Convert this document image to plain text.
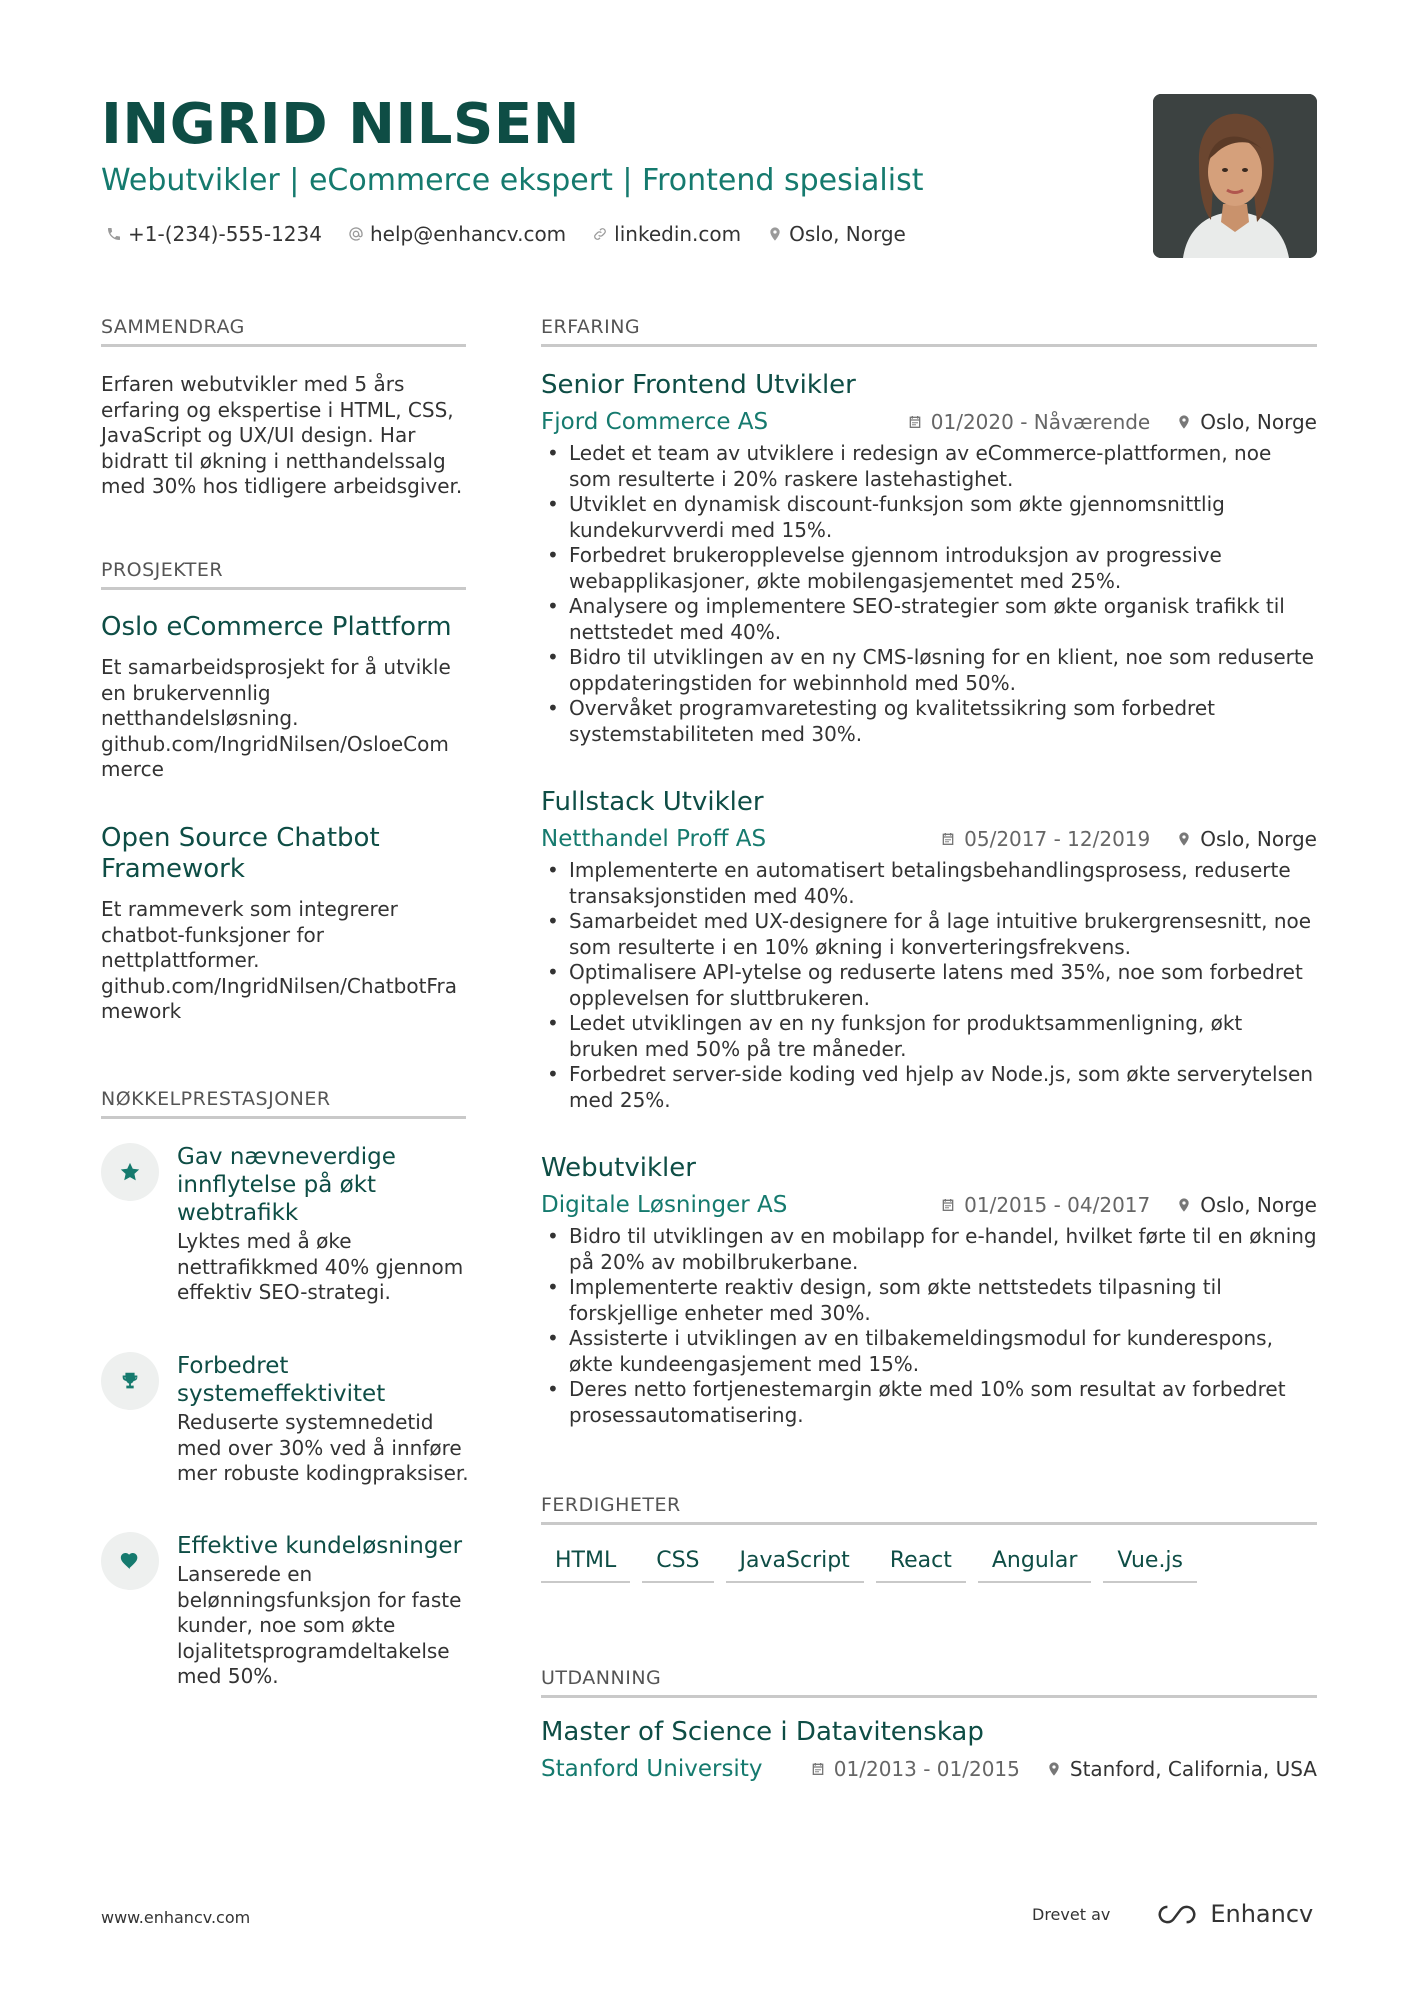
INGRID NILSEN
Webutvikler | eCommerce ekspert | Frontend spesialist
+1-(234)-555-1234 help@enhancv.com linkedin.com Oslo, Norge
SAMMENDRAG
Erfaren webutvikler med 5 års erfaring og ekspertise i HTML, CSS, JavaScript og UX/UI design. Har bidratt til økning i netthandelssalg med 30% hos tidligere arbeidsgiver.
PROSJEKTER
Oslo eCommerce Plattform
Et samarbeidsprosjekt for å utvikle en brukervennlig netthandelsløsning.
github.com/IngridNilsen/OsloeCommerce
Open Source Chatbot Framework
Et rammeverk som integrerer chatbot-funksjoner for nettplattformer.
github.com/IngridNilsen/ChatbotFramework
NØKKELPRESTASJONER
Gav nævneverdige innflytelse på økt webtrafikk
Lyktes med å øke nettrafikkmed 40% gjennom effektiv SEO-strategi.
Forbedret systemeffektivitet
Reduserte systemnedetid med over 30% ved å innføre mer robuste kodingpraksiser.
Effektive kundeløsninger
Lanserede en belønningsfunksjon for faste kunder, noe som økte lojalitetsprogramdeltakelse med 50%.
ERFARING
Senior Frontend Utvikler
Fjord Commerce AS	01/2020 - Nåværende	Oslo, Norge
• Ledet et team av utviklere i redesign av eCommerce-plattformen, noe som resulterte i 20% raskere lastehastighet.
• Utviklet en dynamisk discount-funksjon som økte gjennomsnittlig kundekurvverdi med 15%.
• Forbedret brukeropplevelse gjennom introduksjon av progressive webapplikasjoner, økte mobilengasjementet med 25%.
• Analysere og implementere SEO-strategier som økte organisk trafikk til nettstedet med 40%.
• Bidro til utviklingen av en ny CMS-løsning for en klient, noe som reduserte oppdateringstiden for webinnhold med 50%.
• Overvåket programvaretesting og kvalitetssikring som forbedret systemstabiliteten med 30%.
Fullstack Utvikler
Netthandel Proff AS	05/2017 - 12/2019	Oslo, Norge
• Implementerte en automatisert betalingsbehandlingsprosess, reduserte transaksjonstiden med 40%.
• Samarbeidet med UX-designere for å lage intuitive brukergrensesnitt, noe som resulterte i en 10% økning i konverteringsfrekvens.
• Optimalisere API-ytelse og reduserte latens med 35%, noe som forbedret opplevelsen for sluttbrukeren.
• Ledet utviklingen av en ny funksjon for produktsammenligning, økt bruken med 50% på tre måneder.
• Forbedret server-side koding ved hjelp av Node.js, som økte serverytelsen med 25%.
Webutvikler
Digitale Løsninger AS	01/2015 - 04/2017	Oslo, Norge
• Bidro til utviklingen av en mobilapp for e-handel, hvilket førte til en økning på 20% av mobilbrukerbane.
• Implementerte reaktiv design, som økte nettstedets tilpasning til forskjellige enheter med 30%.
• Assisterte i utviklingen av en tilbakemeldingsmodul for kunderespons, økte kundeengasjement med 15%.
• Deres netto fortjenestemargin økte med 10% som resultat av forbedret prosessautomatisering.
FERDIGHETER
HTML	CSS	JavaScript	React	Angular	Vue.js
UTDANNING
Master of Science i Datavitenskap
Stanford University	01/2013 - 01/2015	Stanford, California, USA
www.enhancv.com	Drevet av	Enhancv
